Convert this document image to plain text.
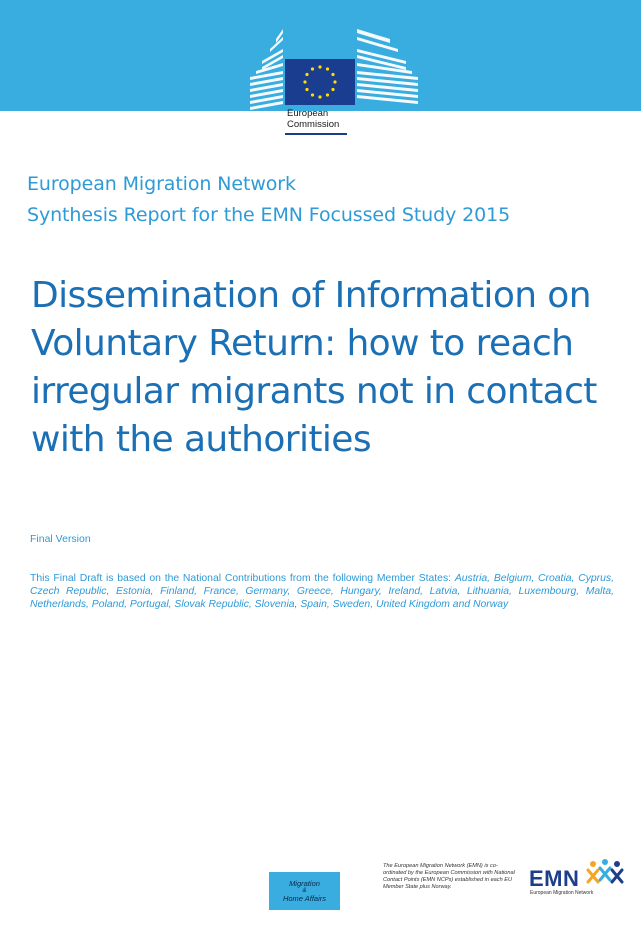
European
Commission
European Migration Network
Synthesis Report for the EMN Focussed Study 2015
Dissemination of Information on
Voluntary Return: how to reach
irregular migrants not in contact
with the authorities
Final Version

This Final Draft is based on the National Contributions from the following Member States: Austria, Belgium, Croatia, Cyprus, Czech Republic, Estonia, Finland, France, Germany, Greece, Hungary, Ireland, Latvia, Lithuania, Luxembourg, Malta, Netherlands, Poland, Portugal, Slovak Republic, Slovenia, Spain, Sweden, United Kingdom and Norway

Migration
&
Home Affairs

The European Migration Network (EMN) is co-ordinated by the European Commission with National Contact Points (EMN NCPs) established in each EU Member State plus Norway.	EMN
European Migration Network
